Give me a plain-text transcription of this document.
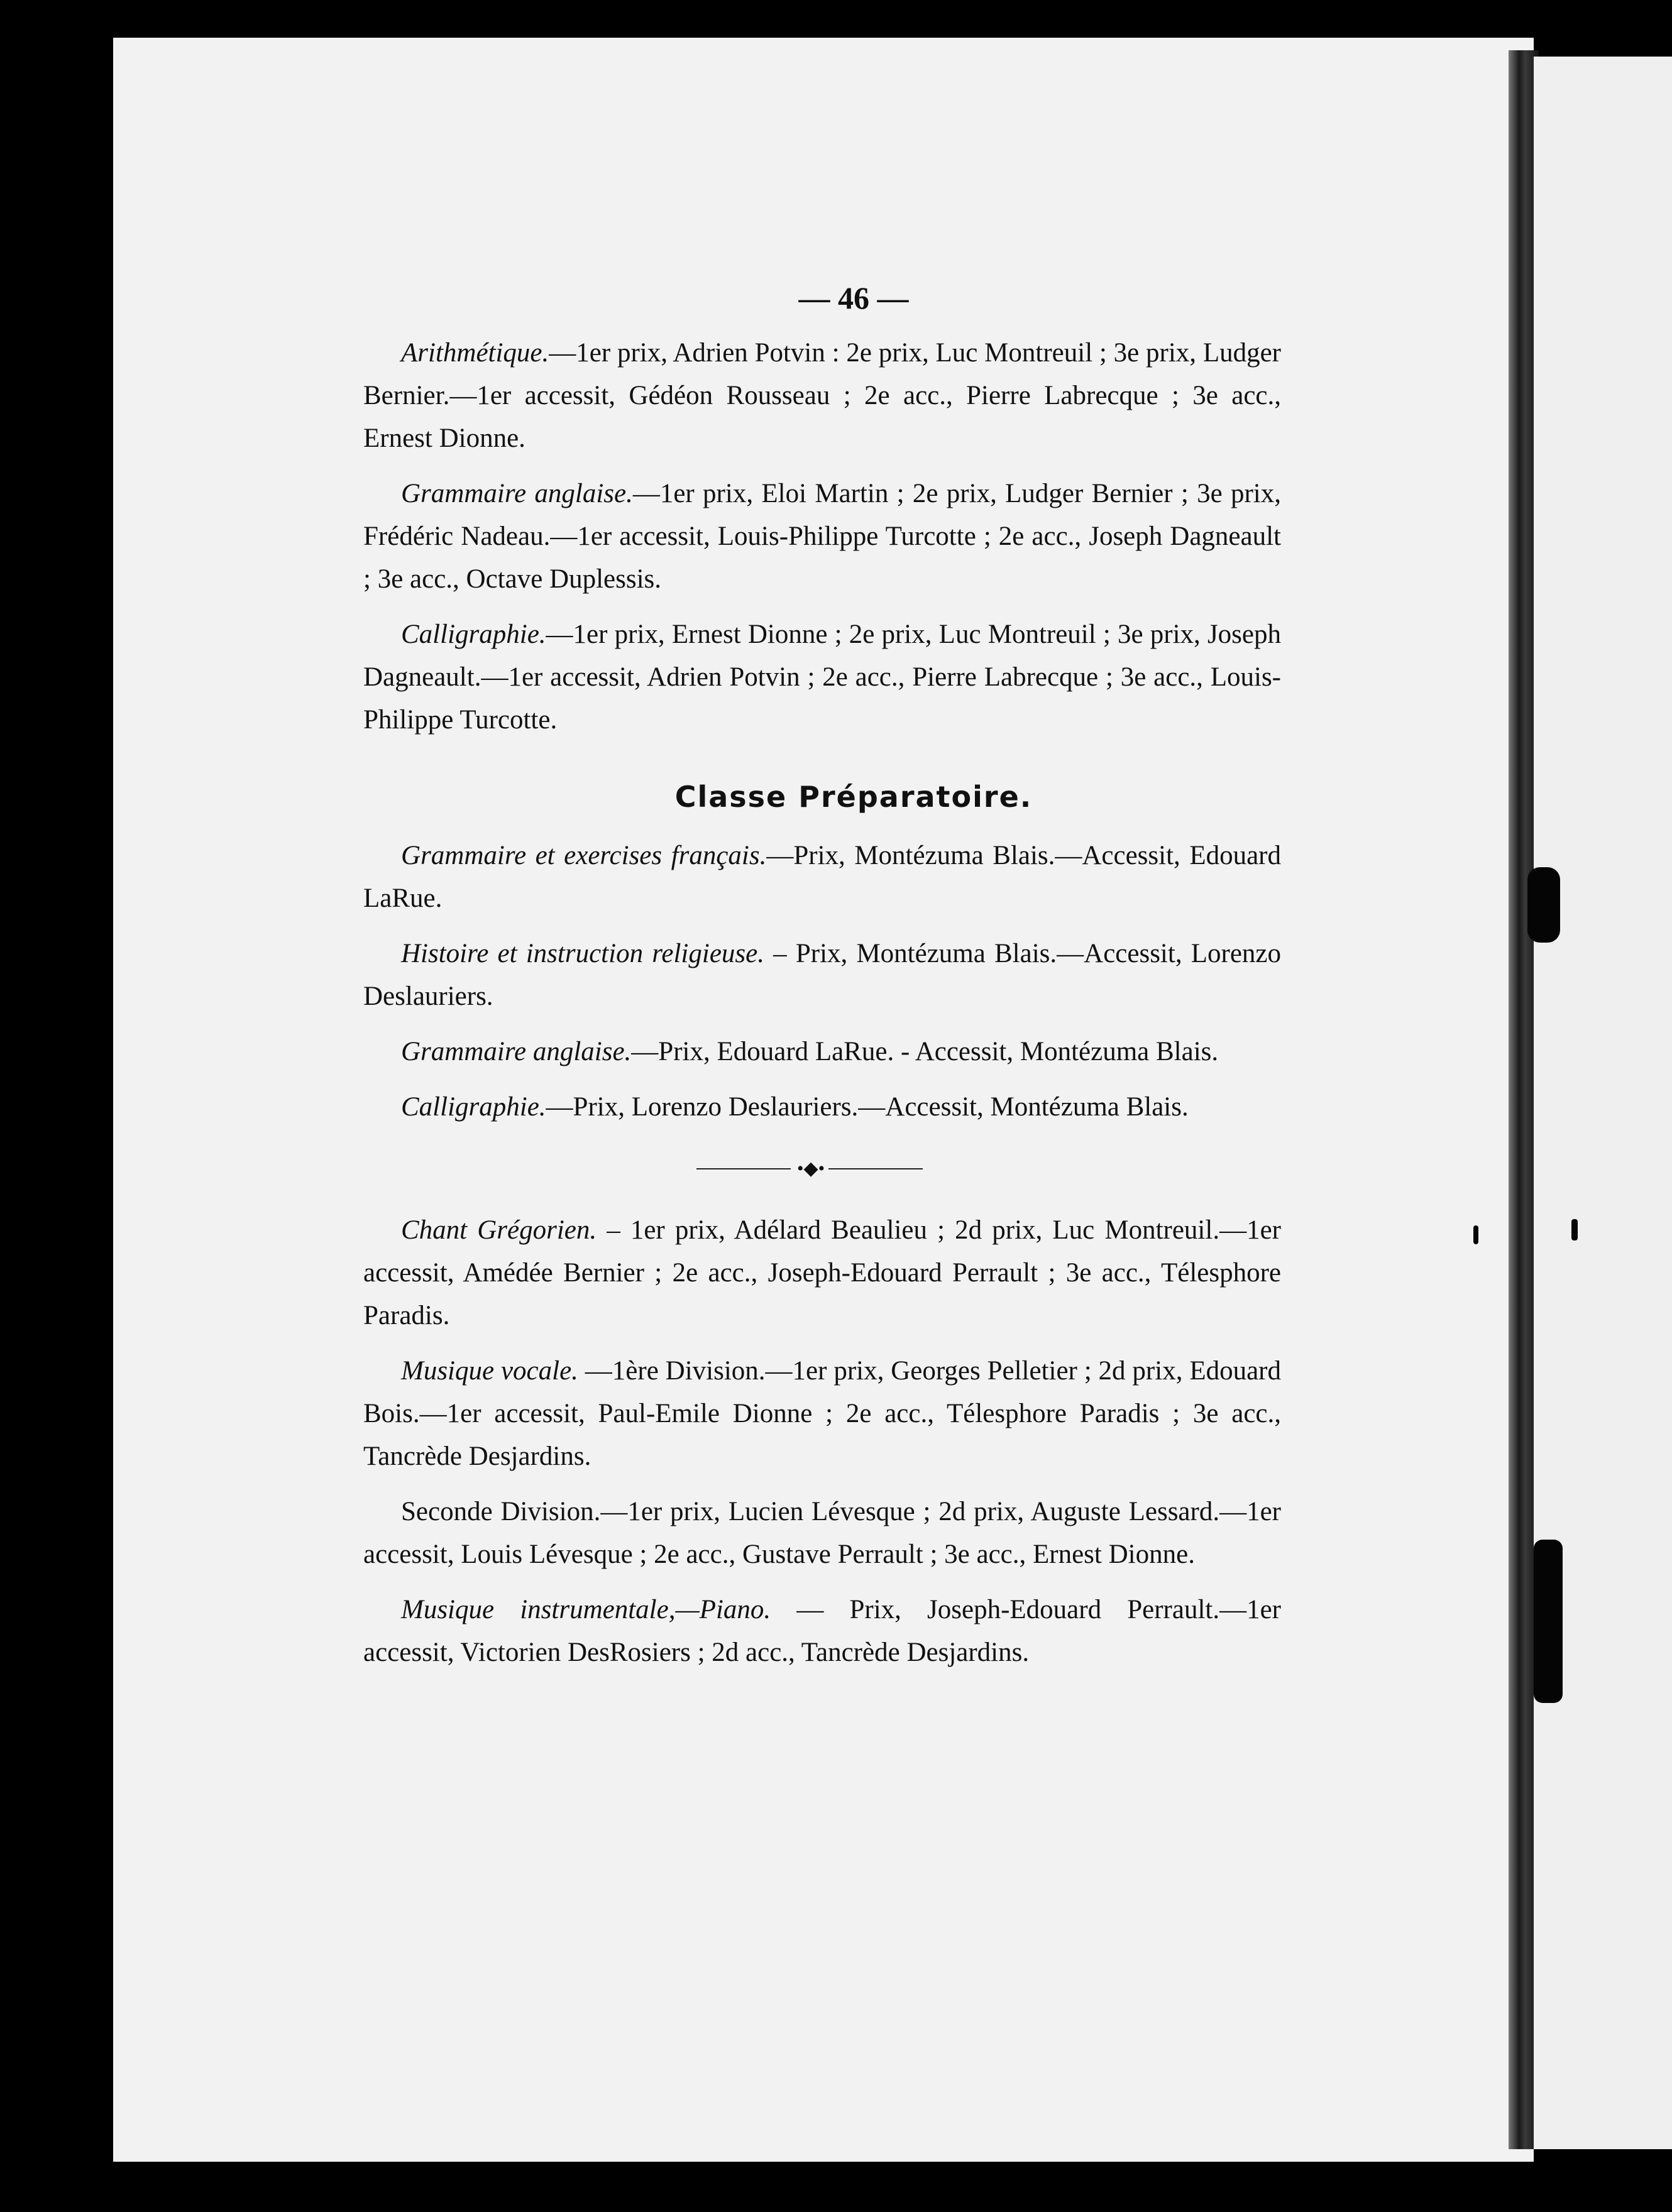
— 46 —

Arithmétique.—1er prix, Adrien Potvin : 2e prix, Luc Montreuil ; 3e prix, Ludger Bernier.—1er accessit, Gédéon Rousseau ; 2e acc., Pierre Labrecque ; 3e acc., Ernest Dionne.

Grammaire anglaise.—1er prix, Eloi Martin ; 2e prix, Ludger Bernier ; 3e prix, Frédéric Nadeau.—1er accessit, Louis-Philippe Turcotte ; 2e acc., Joseph Dagneault ; 3e acc., Octave Duplessis.

Calligraphie.—1er prix, Ernest Dionne ; 2e prix, Luc Montreuil ; 3e prix, Joseph Dagneault.—1er accessit, Adrien Potvin ; 2e acc., Pierre Labrecque ; 3e acc., Louis-Philippe Turcotte.

Classe Préparatoire.

Grammaire et exercises français.—Prix, Montézuma Blais.—Accessit, Edouard LaRue.

Histoire et instruction religieuse. – Prix, Montézuma Blais.—Accessit, Lorenzo Deslauriers.

Grammaire anglaise.—Prix, Edouard LaRue. - Accessit, Montézuma Blais.

Calligraphie.—Prix, Lorenzo Deslauriers.—Accessit, Montézuma Blais.

•◆•

Chant Grégorien. – 1er prix, Adélard Beaulieu ; 2d prix, Luc Montreuil.—1er accessit, Amédée Bernier ; 2e acc., Joseph-Edouard Perrault ; 3e acc., Télesphore Paradis.

Musique vocale. —1ère Division.—1er prix, Georges Pelletier ; 2d prix, Edouard Bois.—1er accessit, Paul-Emile Dionne ; 2e acc., Télesphore Paradis ; 3e acc., Tancrède Desjardins.

Seconde Division.—1er prix, Lucien Lévesque ; 2d prix, Auguste Lessard.—1er accessit, Louis Lévesque ; 2e acc., Gustave Perrault ; 3e acc., Ernest Dionne.

Musique instrumentale,—Piano. — Prix, Joseph-Edouard Perrault.—1er accessit, Victorien DesRosiers ; 2d acc., Tancrède Desjardins.
